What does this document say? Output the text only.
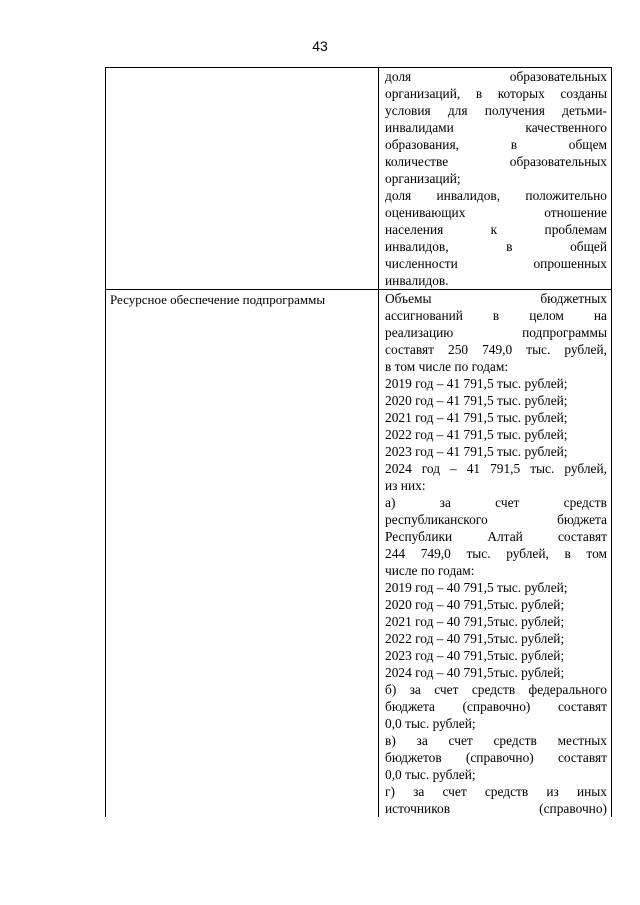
43
доля образовательных
организаций, в которых созданы
условия для получения детьми-
инвалидами качественного
образования, в общем
количестве образовательных
организаций;
доля инвалидов, положительно
оценивающих отношение
населения к проблемам
инвалидов, в общей
численности опрошенных
инвалидов.
Ресурсное обеспечение подпрограммы	Объемы бюджетных
ассигнований в целом на
реализацию подпрограммы
составят 250 749,0 тыс. рублей,
в том числе по годам:
2019 год – 41 791,5 тыс. рублей;
2020 год – 41 791,5 тыс. рублей;
2021 год – 41 791,5 тыс. рублей;
2022 год – 41 791,5 тыс. рублей;
2023 год – 41 791,5 тыс. рублей;
2024 год – 41 791,5 тыс. рублей,
из них:
а) за счет средств
республиканского бюджета
Республики Алтай составят
244 749,0 тыс. рублей, в том
числе по годам:
2019 год – 40 791,5 тыс. рублей;
2020 год – 40 791,5тыс. рублей;
2021 год – 40 791,5тыс. рублей;
2022 год – 40 791,5тыс. рублей;
2023 год – 40 791,5тыс. рублей;
2024 год – 40 791,5тыс. рублей;
б) за счет средств федерального
бюджета (справочно) составят
0,0 тыс. рублей;
в) за счет средств местных
бюджетов (справочно) составят
0,0 тыс. рублей;
г) за счет средств из иных
источников (справочно)
